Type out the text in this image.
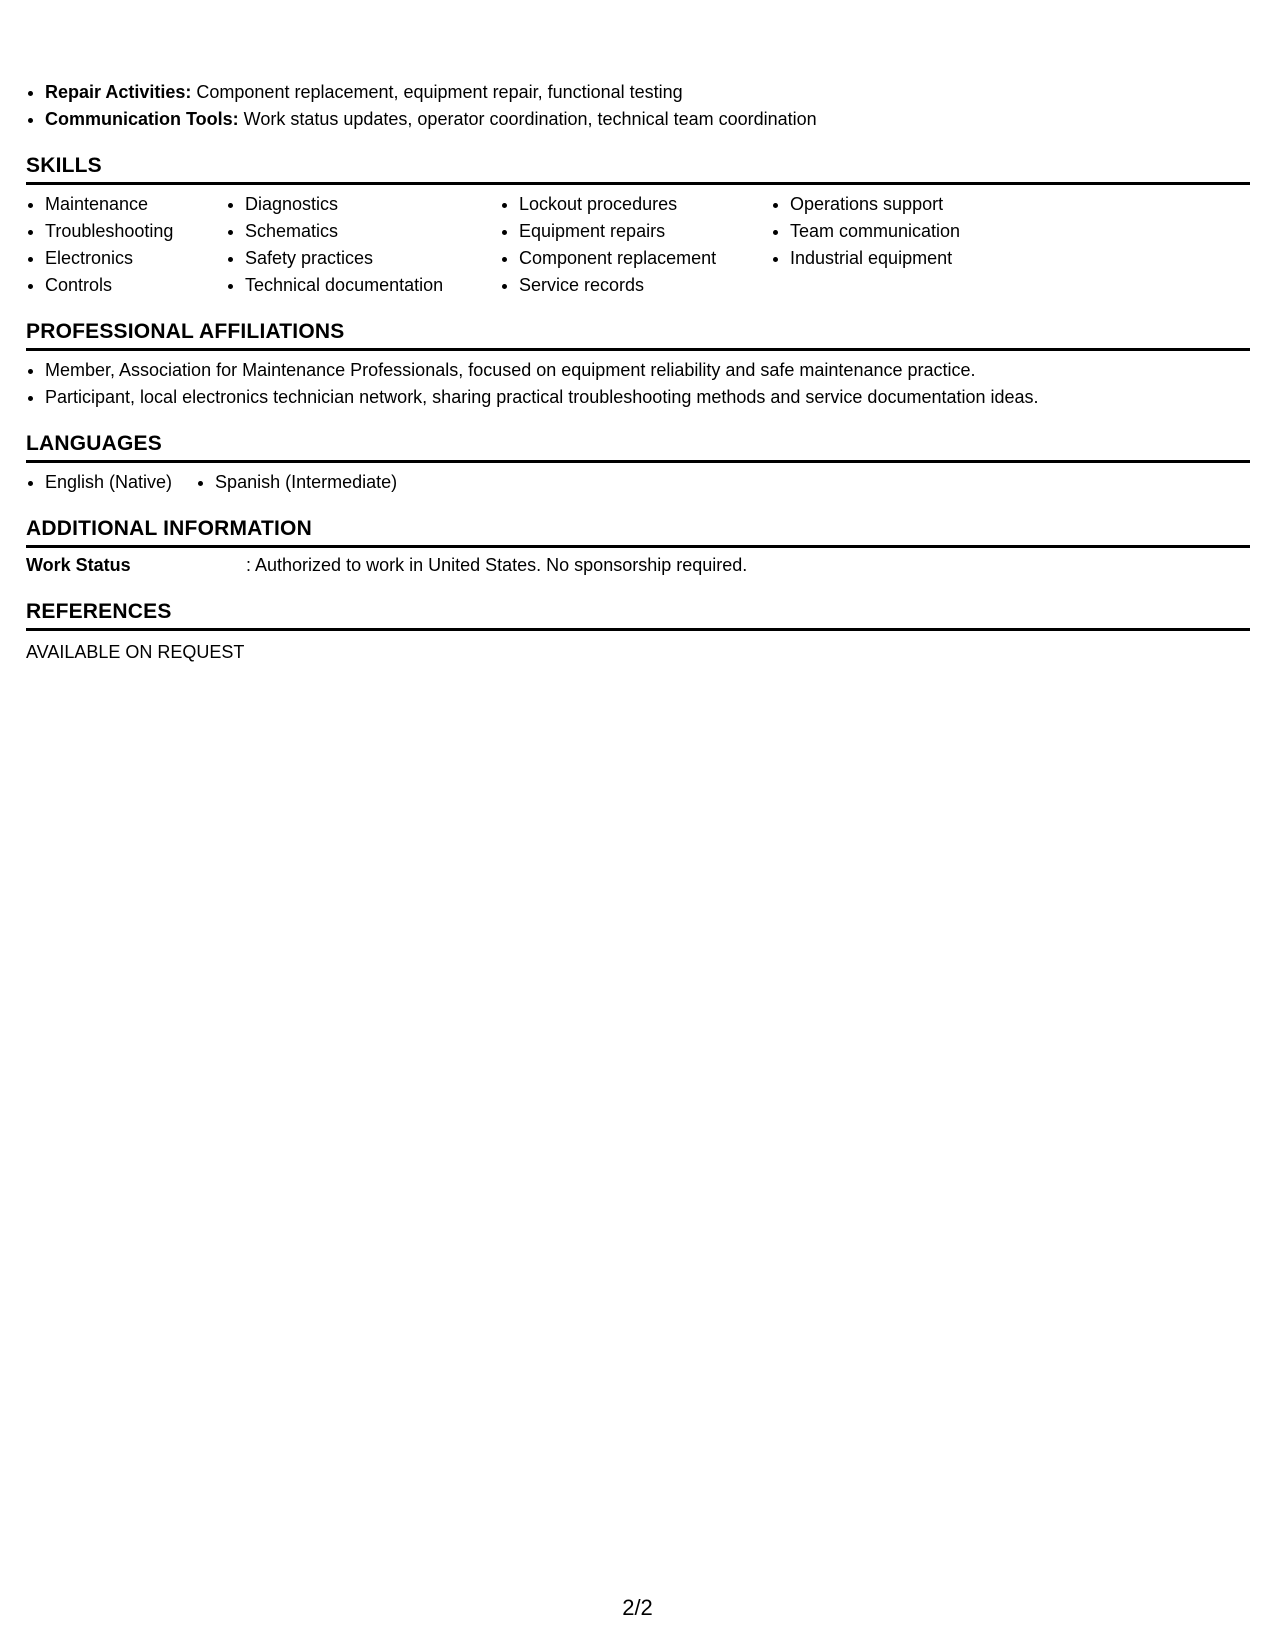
• Repair Activities: Component replacement, equipment repair, functional testing
• Communication Tools: Work status updates, operator coordination, technical team coordination
SKILLS
• Maintenance
• Troubleshooting
• Electronics
• Controls
• Diagnostics
• Schematics
• Safety practices
• Technical documentation
• Lockout procedures
• Equipment repairs
• Component replacement
• Service records
• Operations support
• Team communication
• Industrial equipment
PROFESSIONAL AFFILIATIONS
• Member, Association for Maintenance Professionals, focused on equipment reliability and safe maintenance practice.
• Participant, local electronics technician network, sharing practical troubleshooting methods and service documentation ideas.
LANGUAGES
• English (Native)
• Spanish (Intermediate)
ADDITIONAL INFORMATION
Work Status	: Authorized to work in United States. No sponsorship required.
REFERENCES
AVAILABLE ON REQUEST
2/2
